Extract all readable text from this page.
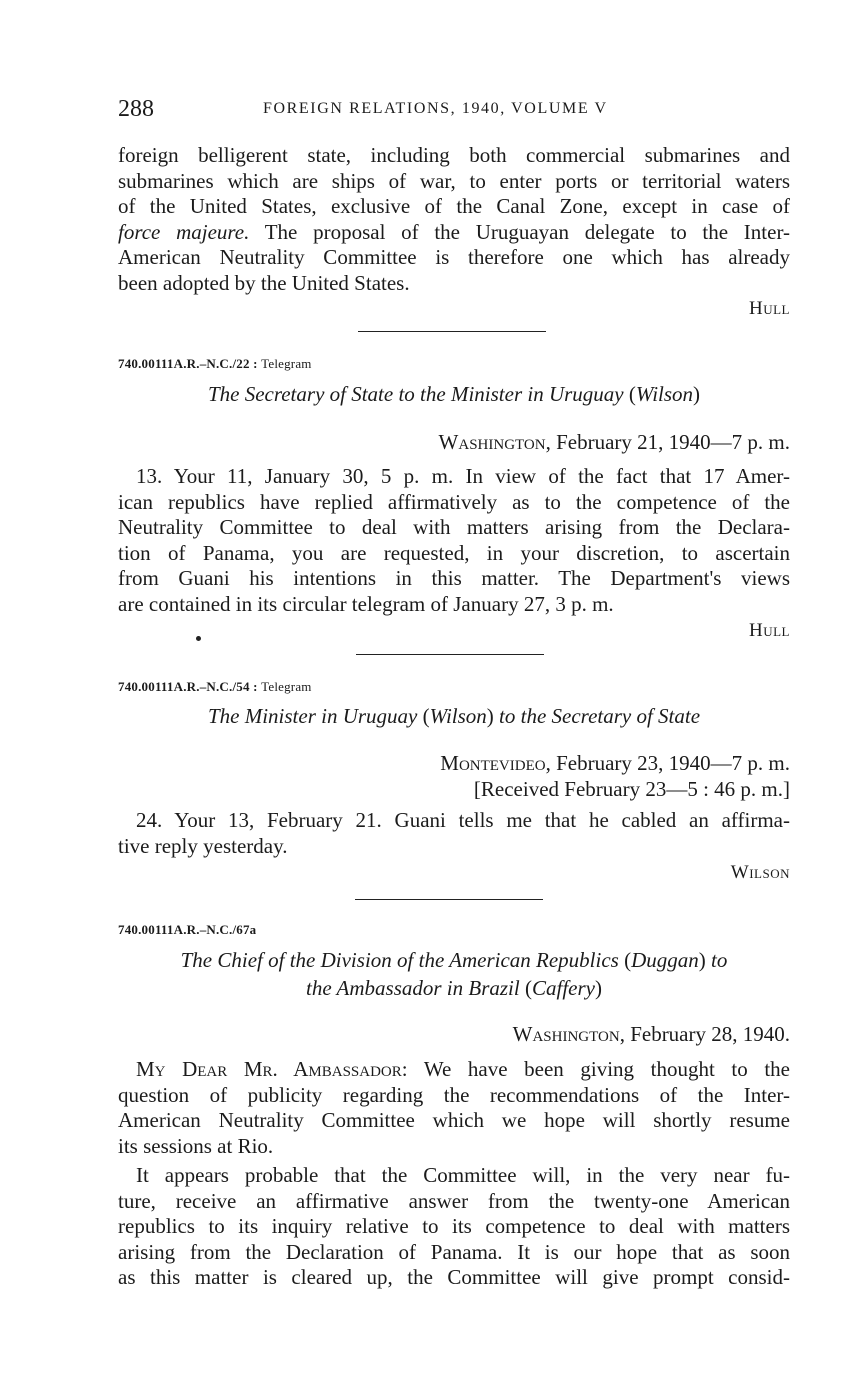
288	FOREIGN RELATIONS, 1940, VOLUME V

foreign belligerent state, including both commercial submarines and
submarines which are ships of war, to enter ports or territorial waters
of the United States, exclusive of the Canal Zone, except in case of
force majeure. The proposal of the Uruguayan delegate to the Inter-
American Neutrality Committee is therefore one which has already
been adopted by the United States.

Hull
740.00111A.R.–N.C./22 : Telegram
The Secretary of State to the Minister in Uruguay (Wilson)
Washington, February 21, 1940—7 p. m.

13. Your 11, January 30, 5 p. m. In view of the fact that 17 Amer-
ican republics have replied affirmatively as to the competence of the
Neutrality Committee to deal with matters arising from the Declara-
tion of Panama, you are requested, in your discretion, to ascertain
from Guani his intentions in this matter. The Department's views
are contained in its circular telegram of January 27, 3 p. m.

Hull
740.00111A.R.–N.C./54 : Telegram
The Minister in Uruguay (Wilson) to the Secretary of State
Montevideo, February 23, 1940—7 p. m.
[Received February 23—5 : 46 p. m.]

24. Your 13, February 21. Guani tells me that he cabled an affirma-
tive reply yesterday.

Wilson
740.00111A.R.–N.C./67a
The Chief of the Division of the American Republics (Duggan) to
the Ambassador in Brazil (Caffery)
Washington, February 28, 1940.

My Dear Mr. Ambassador: We have been giving thought to the
question of publicity regarding the recommendations of the Inter-
American Neutrality Committee which we hope will shortly resume
its sessions at Rio.

It appears probable that the Committee will, in the very near fu-
ture, receive an affirmative answer from the twenty-one American
republics to its inquiry relative to its competence to deal with matters
arising from the Declaration of Panama. It is our hope that as soon
as this matter is cleared up, the Committee will give prompt consid-
